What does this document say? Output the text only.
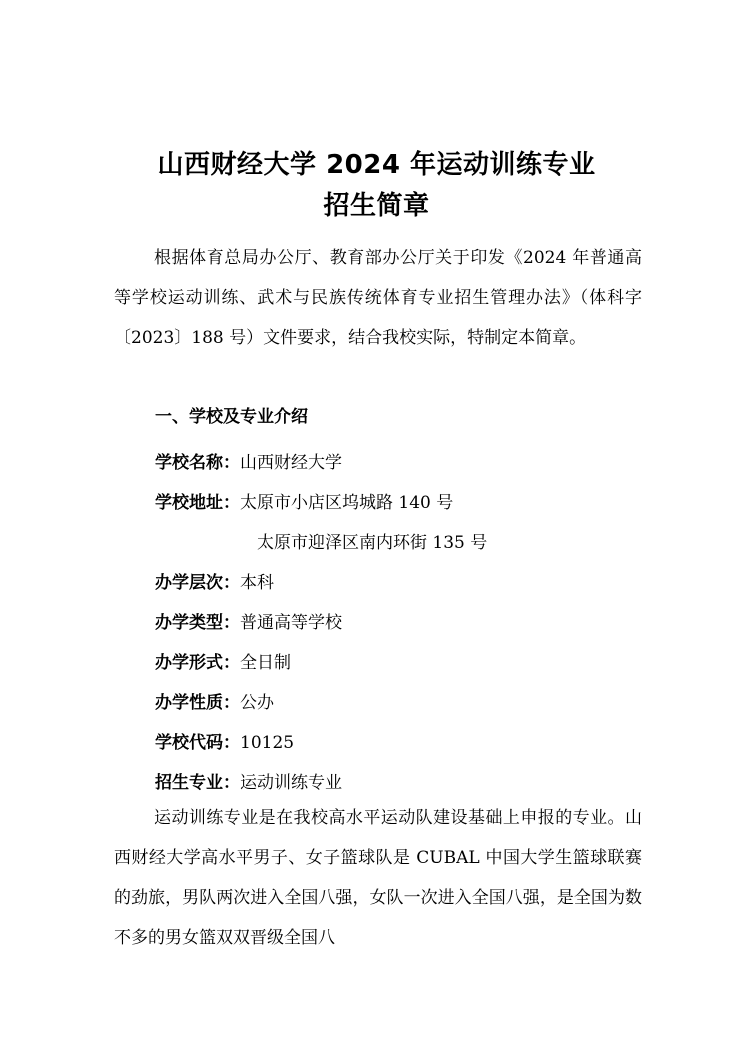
山西财经大学 2024 年运动训练专业
招生简章
根据体育总局办公厅、教育部办公厅关于印发《2024 年普通高等学校运动训练、武术与民族传统体育专业招生管理办法》（体科字〔2023〕188 号）文件要求，结合我校实际，特制定本简章。
一、学校及专业介绍
学校名称：山西财经大学
学校地址：太原市小店区坞城路 140 号
太原市迎泽区南内环街 135 号
办学层次：本科
办学类型：普通高等学校
办学形式：全日制
办学性质：公办
学校代码：10125
招生专业：运动训练专业
运动训练专业是在我校高水平运动队建设基础上申报的专业。山西财经大学高水平男子、女子篮球队是 CUBAL 中国大学生篮球联赛的劲旅，男队两次进入全国八强，女队一次进入全国八强，是全国为数不多的男女篮双双晋级全国八
